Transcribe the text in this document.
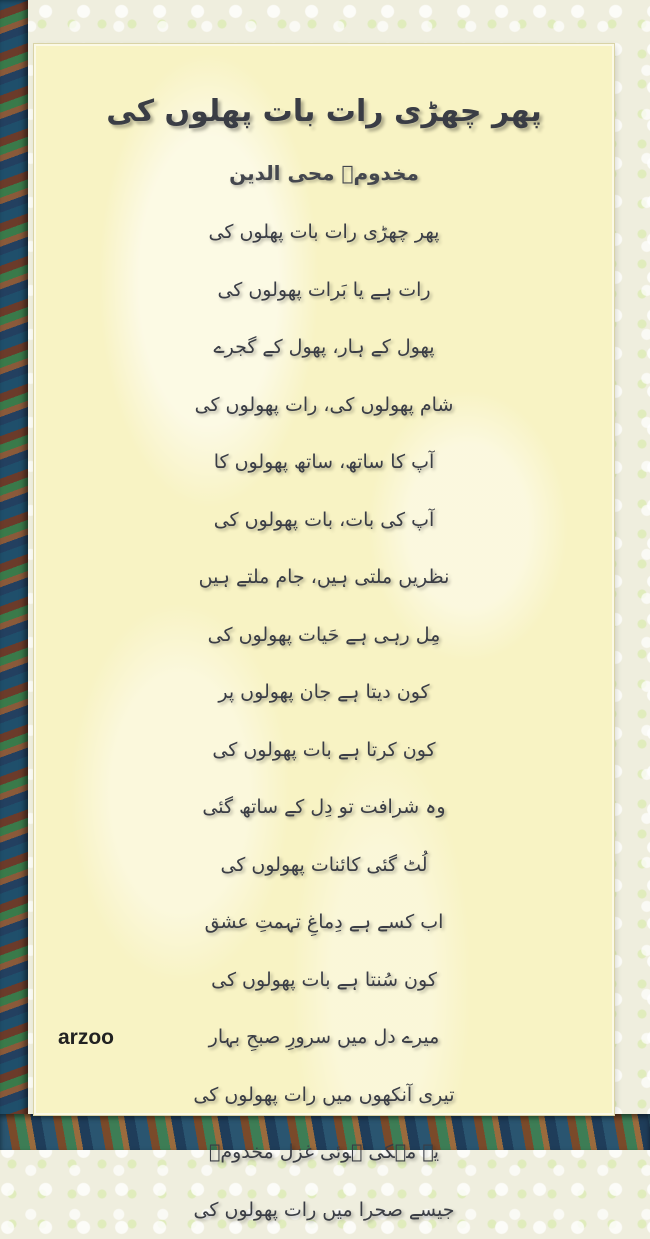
پھر چھڑی رات بات پھلوں کی
مخدومؔ محی الدین
پھر چھڑی رات بات پھلوں کی
رات ہے یا بَرات پھولوں کی
پھول کے ہار، پھول کے گجرے
شام پھولوں کی، رات پھولوں کی
آپ کا ساتھ، ساتھ پھولوں کا
آپ کی بات، بات پھولوں کی
نظریں ملتی ہیں، جام ملتے ہیں
مِل رہی ہے حَیات پھولوں کی
کون دیتا ہے جان پھولوں پر
کون کرتا ہے بات پھولوں کی
وہ شرافت تو دِل کے ساتھ گئی
لُٹ گئی کائنات پھولوں کی
اب کسے ہے دِماغِ تہمتِ عشق
کون سُنتا ہے بات پھولوں کی
میرے دل میں سرورِ صبحِ بہار
تیری آنکھوں میں رات پھولوں کی
یہ مہکی ہوئی غزل مخدومؔ
جیسے صحرا میں رات پھولوں کی
arzoo
